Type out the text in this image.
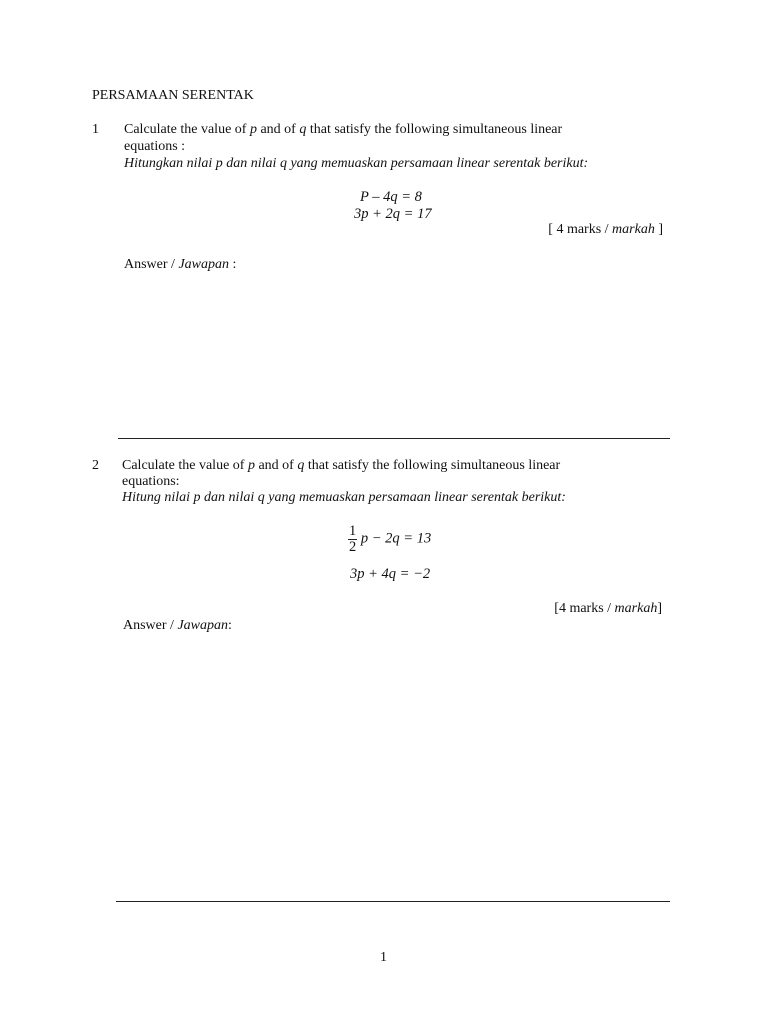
PERSAMAAN SERENTAK
1 Calculate the value of p and of q that satisfy the following simultaneous linear
equations :
Hitungkan nilai p dan nilai q yang memuaskan persamaan linear serentak berikut:
P – 4q = 8
3p + 2q = 17
[ 4 marks / markah ]
Answer / Jawapan :
2 Calculate the value of p and of q that satisfy the following simultaneous linear
equations:
Hitung nilai p dan nilai q yang memuaskan persamaan linear serentak berikut:
$\frac{1}{2}$ p − 2q = 13
3p + 4q = −2
[4 marks / markah]
Answer / Jawapan:
1
